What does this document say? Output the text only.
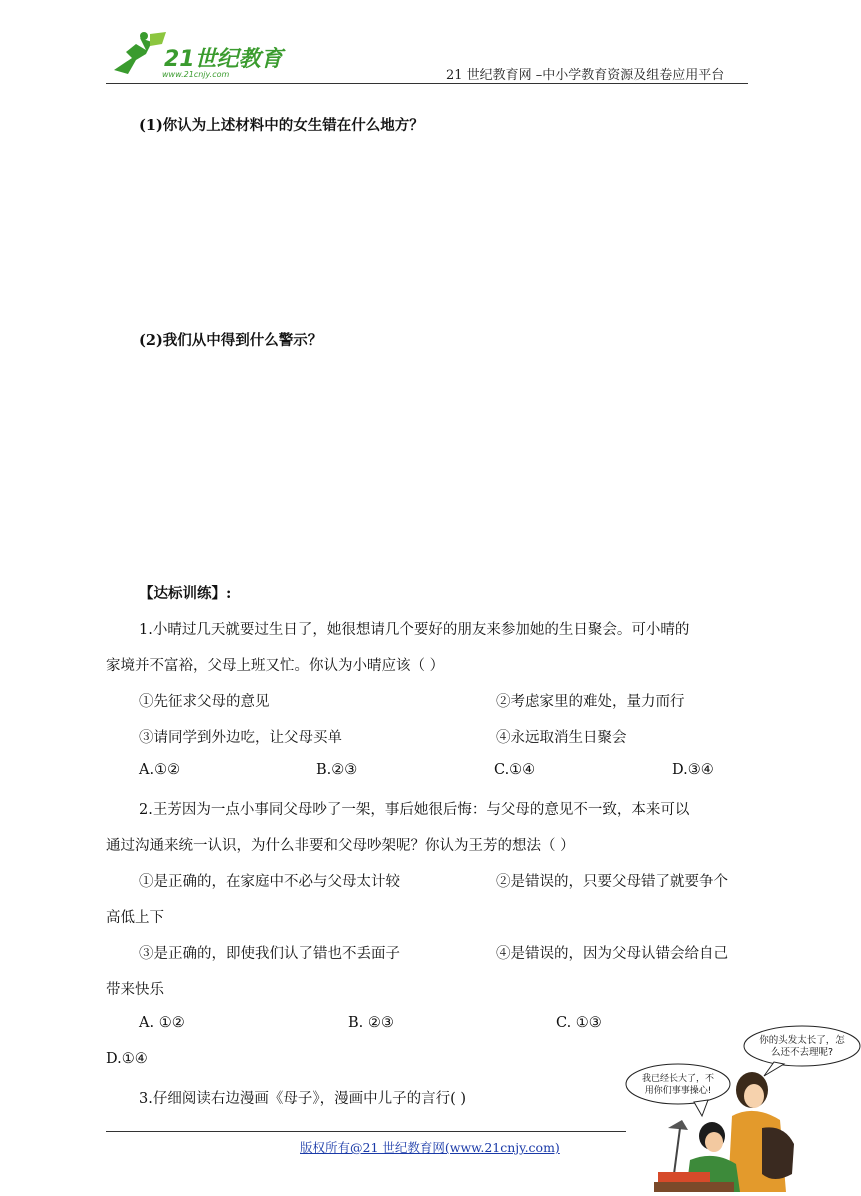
21世纪教育
www.21cnjy.com	21 世纪教育网 –中小学教育资源及组卷应用平台
(1)你认为上述材料中的女生错在什么地方？
(2)我们从中得到什么警示？
【达标训练】:
1.小晴过几天就要过生日了，她很想请几个要好的朋友来参加她的生日聚会。可小晴的
家境并不富裕，父母上班又忙。你认为小晴应该（ ）
①先征求父母的意见	②考虑家里的难处，量力而行
③请同学到外边吃，让父母买单	④永远取消生日聚会
A.①②	B.②③	C.①④	D.③④
2.王芳因为一点小事同父母吵了一架，事后她很后悔：与父母的意见不一致，本来可以
通过沟通来统一认识，为什么非要和父母吵架呢？你认为王芳的想法（ ）
①是正确的，在家庭中不必与父母太计较	②是错误的，只要父母错了就要争个
高低上下
③是正确的，即使我们认了错也不丢面子	④是错误的，因为父母认错会给自己
带来快乐
A. ①②	B. ②③	C. ①③
D.①④
3.仔细阅读右边漫画《母子》，漫画中儿子的言行( )
你的头发太长了，怎
么还不去理呢?
我已经长大了，不
用你们事事操心!
版权所有@21 世纪教育网(www.21cnjy.com)
